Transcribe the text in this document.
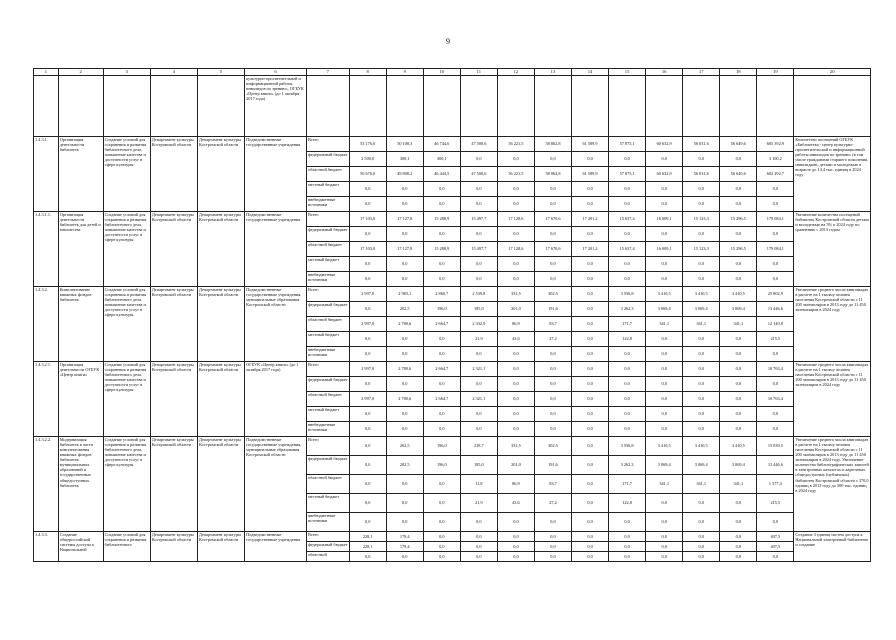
9
1	2	3	4	5	6	7	8	9	10	11	12	13	14	15	16	17	18	19	20
					культурно-просветительной и информационной работы инвалидов по зрению», ОГБУК «Центр книги» (до 1 октября 2017 года)														
1.4.3.1.	Организация деятельности библиотек	Создание условий для сохранения и развития библиотечного дела, повышение качества и доступности услуг в сфере культуры	Департамент культуры Костромской области	Департамент культуры Костромской области	Подведомственные государственные учреждения	Всего	53 176,0	50 108,3	46 744,6	47 500,6	56 221,5	58 862,8	61 589,9	57 875,1	60 632,9	56 031,6	56 649,6	605 392,9	Количество посещений ОГБУК «Библиотека - центр культурно-просветительской и информационной работы инвалидов по зрению» (в том числе гражданами старшего поколения, инвалидами, детьми и молодежью в возрасте до 14,4 тыс. единиц в 2024 году
						федеральный бюджет	2 500,0	300,1	300,1	0,0	0,0	0,0	0,0	0,0	0,0	0,0	0,0	3 100,2	
						областной бюджет	50 676,0	49 808,2	46 444,5	47 500,6	56 221,5	58 862,8	61 589,9	57 875,1	60 632,9	56 031,6	56 649,6	602 292,7	
						местный бюджет	0,0	0,0	0,0	0,0	0,0	0,0	0,0	0,0	0,0	0,0	0,0	0,0	
						внебюджетные источники	0,0	0,0	0,0	0,0	0,0	0,0	0,0	0,0	0,0	0,0	0,0	0,0	
1.4.3.1.1.	Организация деятельности библиотек для детей и юношества	Создание условий для сохранения и развития библиотечного дела, повышение качества и доступности услуг в сфере культуры	Департамент культуры Костромской области	Департамент культуры Костромской области	Подведомственные государственные учреждения	Всего	17 103,0	17 127,8	15 288,9	15 497,7	17 128,6	17 670,6	17 201,2	15 637,4	16 009,1	15 123,3	15 296,5	179 084,1	Увеличение количества посещений библиотек Костромской области детьми и молодежью на 5% к 2024 году по сравнению с 2013 годом
						федеральный бюджет	0,0	0,0	0,0	0,0	0,0	0,0	0,0	0,0	0,0	0,0	0,0	0,0	
						областной бюджет	17 103,0	17 127,8	15 288,9	15 497,7	17 128,6	17 670,6	17 201,2	15 637,4	16 009,1	15 123,3	15 296,5	179 084,1	
						местный бюджет	0,0	0,0	0,0	0,0	0,0	0,0	0,0	0,0	0,0	0,0	0,0	0,0	
						внебюджетные источники	0,0	0,0	0,0	0,0	0,0	0,0	0,0	0,0	0,0	0,0	0,0	0,0	
1.4.3.2.	Комплектование книжных фондов библиотек	Создание условий для сохранения и развития библиотечного дела, повышение качества и доступности услуг в сфере культуры	Департамент культуры Костромской области	Департамент культуры Костромской области	Подведомственные государственные учреждения, муниципальные образования Костромской области	Всего	2 997,0	2 983,1	2 860,7	2 539,8	331,5	302,5	0,0	3 556,8	3 410,5	3 410,5	3 410,5	25 802,9	Увеличение среднего числа книговыдач в расчете на 1 тысячу человек населения Костромской области с 11 200 экземпляров в 2013 году до 11 450 экземпляров в 2024 году
						федеральный бюджет	0,0	202,5	196,0	185,0	201,0	191,6	0,0	3 262,3	3 069,4	3 069,4	3 069,4	13 446,6	
						областной бюджет	2 997,0	2 780,6	2 664,7	2 332,9	86,9	83,7	0,0	171,7	341,1	341,1	341,1	12 140,8	
						местный бюджет	0,0	0,0	0,0	21,9	43,6	27,2	0,0	122,8	0,0	0,0	0,0	215,5	
						внебюджетные источники	0,0	0,0	0,0	0,0	0,0	0,0	0,0	0,0	0,0	0,0	0,0	0,0	
1.4.3.2.1.	Организация деятельности ОГБУК «Центр книги»	Создание условий для сохранения и развития библиотечного дела, повышение качества и доступности услуг в сфере культуры	Департамент культуры Костромской области	Департамент культуры Костромской области	ОГБУК «Центр книги» (до 1 октября 2017 года)	Всего	2 997,0	2 780,6	2 664,7	2 321,1	0,0	0,0	0,0	0,0	0,0	0,0	0,0	10 763,4	Увеличение среднего числа книговыдач в расчете на 1 тысячу человек населения Костромской области с 11 200 экземпляров в 2013 году до 11 450 экземпляров в 2024 году
						федеральный бюджет	0,0	0,0	0,0	0,0	0,0	0,0	0,0	0,0	0,0	0,0	0,0	0,0	
						областной бюджет	2 997,0	2 780,6	2 664,7	2 321,1	0,0	0,0	0,0	0,0	0,0	0,0	0,0	10 763,4	
						местный бюджет	0,0	0,0	0,0	0,0	0,0	0,0	0,0	0,0	0,0	0,0	0,0	0,0	
						внебюджетные источники	0,0	0,0	0,0	0,0	0,0	0,0	0,0	0,0	0,0	0,0	0,0	0,0	
1.4.3.2.2.	Модернизация библиотек в части комплектования книжных фондов библиотек муниципальных образований и государственных общедоступных библиотек	Создание условий для сохранения и развития библиотечного дела, повышение качества и доступности услуг в сфере культуры	Департамент культуры Костромской области	Департамент культуры Костромской области	Подведомственные государственные учреждения, муниципальные образования Костромской области	Всего	0,0	202,5	196,0	218,7	331,5	302,5	0,0	3 556,8	3 410,5	3 410,5	3 410,5	15 039,5	Увеличение среднего числа книговыдач в расчете на 1 тысячу человек населения Костромской области с 11 200 экземпляров в 2013 году до 11 450 экземпляров в 2024 году. Увеличение количества библиографических записей в электронных каталогах и картотеках общедоступных (публичных) библиотек Костромской области с 370,0 единиц в 2013 году до 500 тыс. единиц в 2024 году
						федеральный бюджет	0,0	202,5	196,0	185,0	201,0	191,6	0,0	3 262,3	3 069,4	3 069,4	3 069,4	13 446,6	
						областной бюджет	0,0	0,0	0,0	11,8	86,9	83,7	0,0	171,7	341,1	341,1	341,1	1 377,4	
						местный бюджет	0,0	0,0	0,0	21,9	43,6	27,2	0,0	122,8	0,0	0,0	0,0	215,5	
						внебюджетные источники	0,0	0,0	0,0	0,0	0,0	0,0	0,0	0,0	0,0	0,0	0,0	0,0	
1.4.3.3.	Создание общероссийской системы доступа к Национальной	Создание условий для сохранения и развития библиотечного	Департамент культуры Костромской области	Департамент культуры Костромской области	Подведомственные государственные учреждения	Всего	228,1	179,4	0,0	0,0	0,0	0,0	0,0	0,0	0,0	0,0	0,0	407,5	Создание 3 единиц систем доступа к Национальной электронной библиотеке и создание
						федеральный бюджет	228,1	179,4	0,0	0,0	0,0	0,0	0,0	0,0	0,0	0,0	0,0	407,5	
						областной	0,0	0,0	0,0	0,0	0,0	0,0	0,0	0,0	0,0	0,0	0,0	0,0	
